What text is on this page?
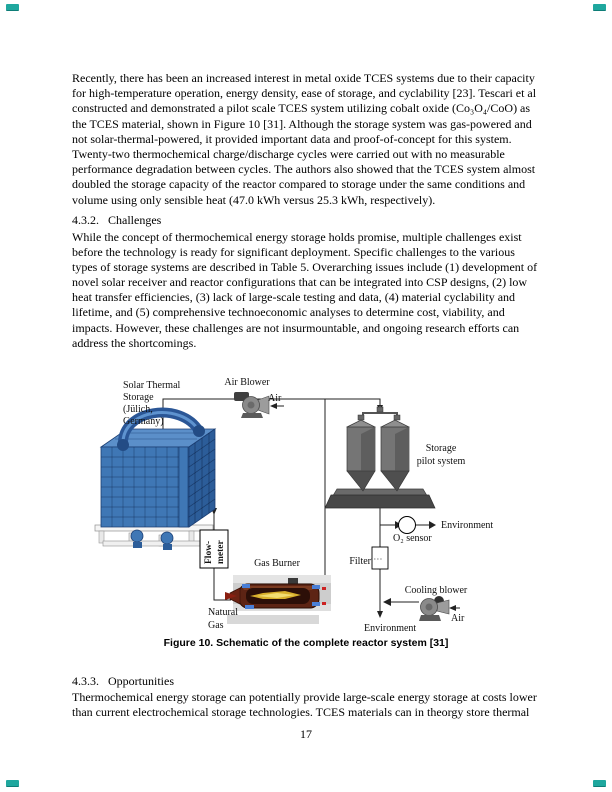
Recently, there has been an increased interest in metal oxide TCES systems due to their capacity
for high-temperature operation, energy density, ease of storage, and cyclability [23]. Tescari et al
constructed and demonstrated a pilot scale TCES system utilizing cobalt oxide (Co₃O₄/CoO) as
the TCES material, shown in Figure 10 [31]. Although the storage system was gas-powered and
not solar-thermal-powered, it provided important data and proof-of-concept for this system.
Twenty-two thermochemical charge/discharge cycles were carried out with no measurable
performance degradation between cycles. The authors also showed that the TCES system almost
doubled the storage capacity of the reactor compared to storage under the same conditions and
volume using only sensible heat (47.0 kWh versus 25.3 kWh, respectively).
4.3.2. Challenges
While the concept of thermochemical energy storage holds promise, multiple challenges exist
before the technology is ready for significant deployment. Specific challenges to the various
types of storage systems are described in Table 5. Overarching issues include (1) development of
novel solar receiver and reactor configurations that can be integrated into CSP designs, (2) low
heat transfer efficiencies, (3) lack of large-scale testing and data, (4) material cyclability and
lifetime, and (5) comprehensive technoeconomic analyses to determine cost, viability, and
impacts. However, these challenges are not insurmountable, and ongoing research efforts can
address the shortcomings.
Flow- meter
Solar Thermal
Storage
(Jülich,
Germany)
Air Blower
Air
Storage
pilot system
Environment
O₂ sensor
Filter
Cooling blower
Air
Environment
Gas Burner
Natural
Gas
Figure 10. Schematic of the complete reactor system [31]
4.3.3. Opportunities
Thermochemical energy storage can potentially provide large-scale energy storage at costs lower
than current electrochemical storage technologies. TCES materials can in theorgy store thermal
17
